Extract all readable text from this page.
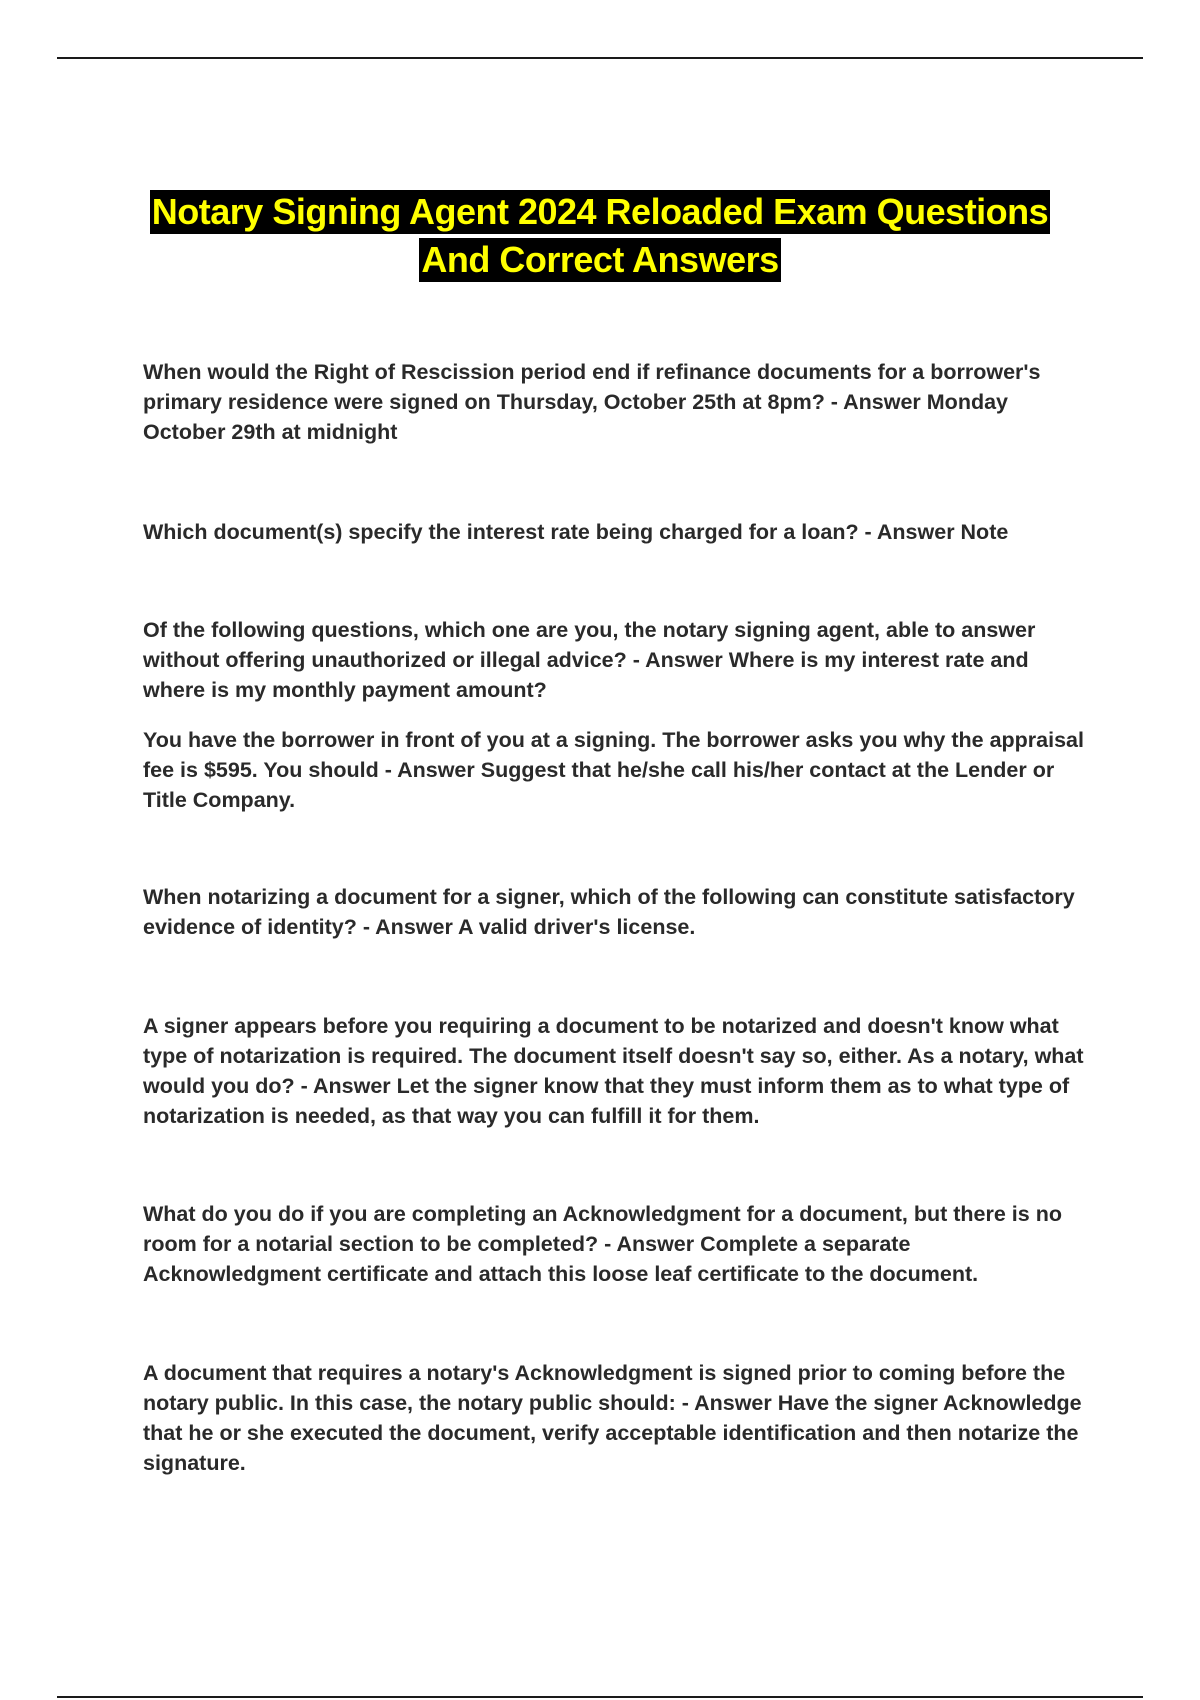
Notary Signing Agent 2024 Reloaded Exam Questions
And Correct Answers

When would the Right of Rescission period end if refinance documents for a borrower's primary residence were signed on Thursday, October 25th at 8pm? - Answer Monday October 29th at midnight

Which document(s) specify the interest rate being charged for a loan? - Answer Note

Of the following questions, which one are you, the notary signing agent, able to answer without offering unauthorized or illegal advice? - Answer Where is my interest rate and where is my monthly payment amount?

You have the borrower in front of you at a signing. The borrower asks you why the appraisal fee is $595. You should - Answer Suggest that he/she call his/her contact at the Lender or Title Company.

When notarizing a document for a signer, which of the following can constitute satisfactory evidence of identity? - Answer A valid driver's license.

A signer appears before you requiring a document to be notarized and doesn't know what type of notarization is required. The document itself doesn't say so, either. As a notary, what would you do? - Answer Let the signer know that they must inform them as to what type of notarization is needed, as that way you can fulfill it for them.

What do you do if you are completing an Acknowledgment for a document, but there is no room for a notarial section to be completed? - Answer Complete a separate Acknowledgment certificate and attach this loose leaf certificate to the document.

A document that requires a notary's Acknowledgment is signed prior to coming before the notary public. In this case, the notary public should: - Answer Have the signer Acknowledge that he or she executed the document, verify acceptable identification and then notarize the signature.
